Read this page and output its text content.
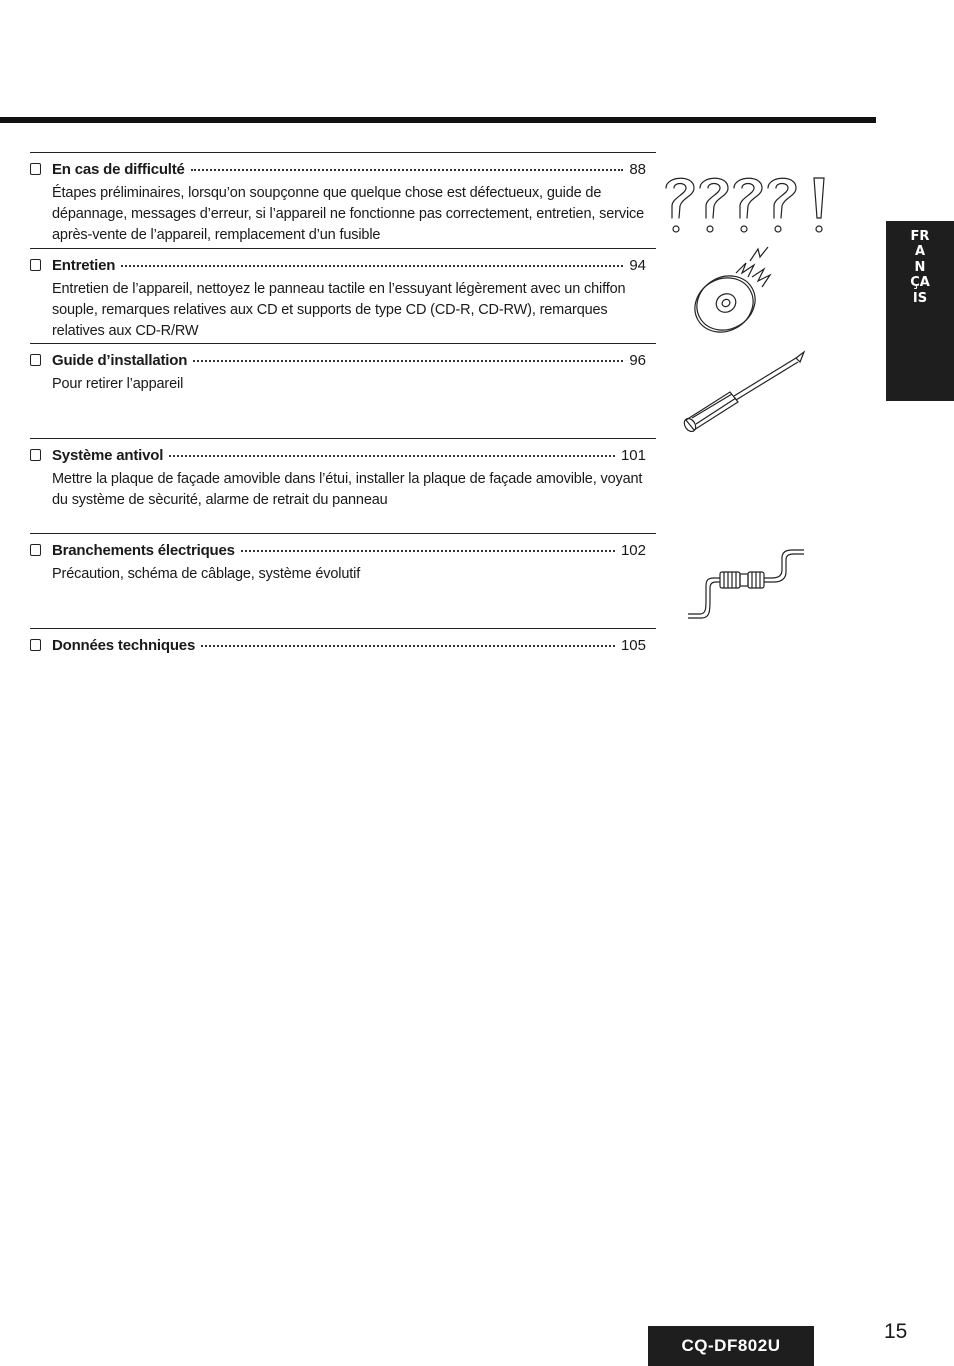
En cas de difficulté	88
Étapes préliminaires, lorsqu’on soupçonne que quelque chose est défectueux, guide de dépannage, messages d’erreur, si l’appareil ne fonctionne pas correctement, entretien, service après-vente de l’appareil, remplacement d’un fusible
Entretien	94
Entretien de l’appareil, nettoyez le panneau tactile en l’essuyant légèrement avec un chiffon souple, remarques relatives aux CD et supports de type CD (CD-R, CD-RW), remarques relatives aux CD-R/RW
Guide d’installation	96
Pour retirer l’appareil
Système antivol	101
Mettre la plaque de façade amovible dans l’étui, installer la plaque de façade amovible, voyant du système de sècurité, alarme de retrait du panneau
Branchements électriques	102
Précaution, schéma de câblage, système évolutif
Données techniques	105
FRANÇAIS
CQ-DF802U
15
